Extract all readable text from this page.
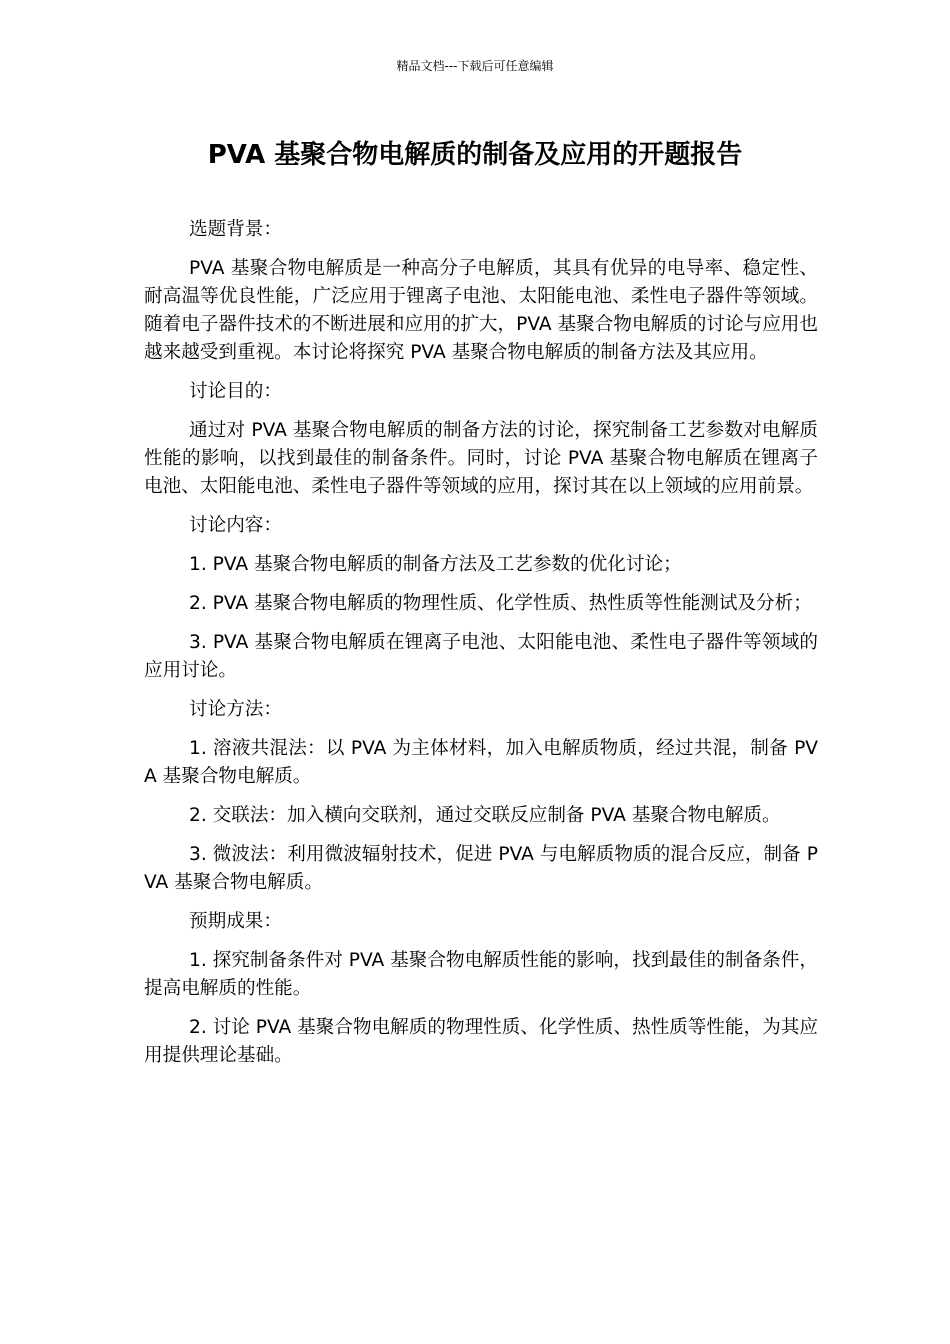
精品文档---下载后可任意编辑
PVA 基聚合物电解质的制备及应用的开题报告

选题背景：

PVA 基聚合物电解质是一种高分子电解质，其具有优异的电导率、稳定性、耐高温等优良性能，广泛应用于锂离子电池、太阳能电池、柔性电子器件等领域。随着电子器件技术的不断进展和应用的扩大，PVA 基聚合物电解质的讨论与应用也越来越受到重视。本讨论将探究 PVA 基聚合物电解质的制备方法及其应用。

讨论目的：

通过对 PVA 基聚合物电解质的制备方法的讨论，探究制备工艺参数对电解质性能的影响，以找到最佳的制备条件。同时，讨论 PVA 基聚合物电解质在锂离子电池、太阳能电池、柔性电子器件等领域的应用，探讨其在以上领域的应用前景。

讨论内容：

1. PVA 基聚合物电解质的制备方法及工艺参数的优化讨论；

2. PVA 基聚合物电解质的物理性质、化学性质、热性质等性能测试及分析；

3. PVA 基聚合物电解质在锂离子电池、太阳能电池、柔性电子器件等领域的应用讨论。

讨论方法：

1. 溶液共混法：以 PVA 为主体材料，加入电解质物质，经过共混，制备 PVA 基聚合物电解质。

2. 交联法：加入横向交联剂，通过交联反应制备 PVA 基聚合物电解质。

3. 微波法：利用微波辐射技术，促进 PVA 与电解质物质的混合反应，制备 PVA 基聚合物电解质。

预期成果：

1. 探究制备条件对 PVA 基聚合物电解质性能的影响，找到最佳的制备条件，提高电解质的性能。

2. 讨论 PVA 基聚合物电解质的物理性质、化学性质、热性质等性能，为其应用提供理论基础。
